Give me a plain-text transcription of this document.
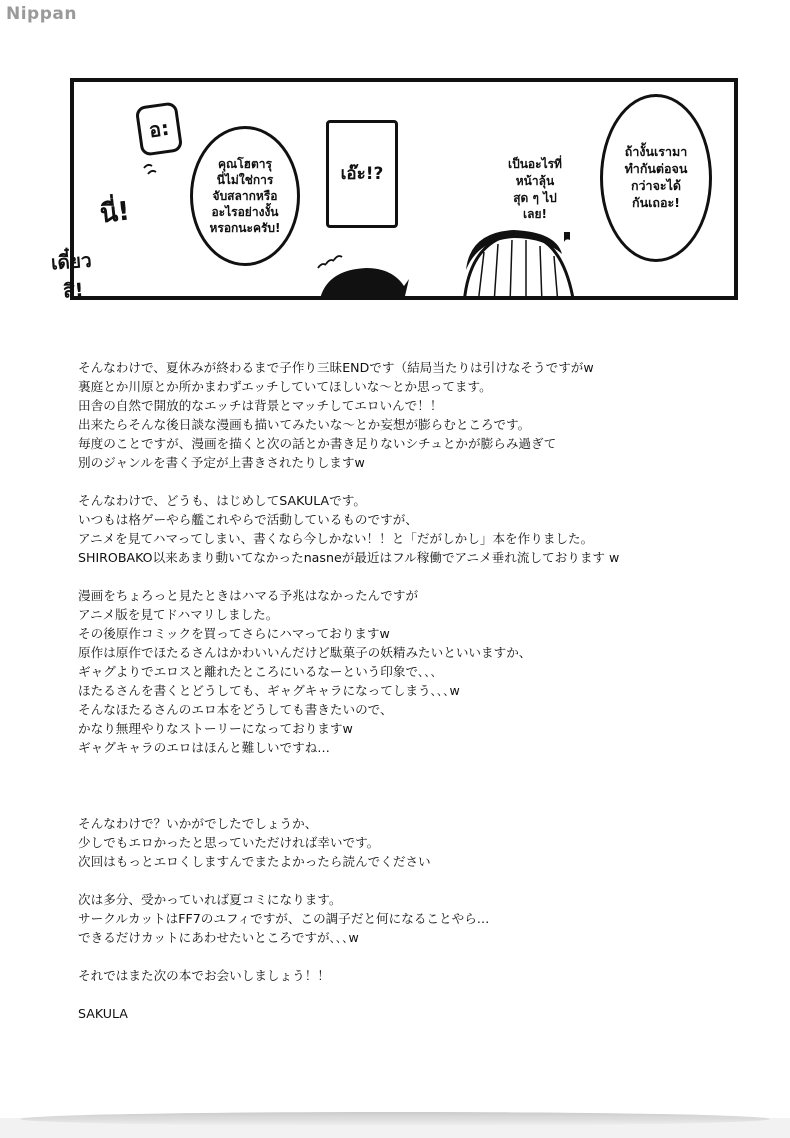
Nippan
อ:
คุณโฮตารุ
นี่ไม่ใช่การ
จับสลากหรือ
อะไรอย่างงั้น
หรอกนะครับ!
เอ๊ะ!?	เป็นอะไรที่
หน้าลุ้น
สุด ๆ ไป
เลย!
ถ้างั้นเรามา
ทำกันต่อจน
กว่าจะได้
กันเถอะ!
นี่!
เดี๋ยว
สิ!
そんなわけで、夏休みが終わるまで子作り三昧ENDです（結局当たりは引けなそうですがw
裏庭とか川原とか所かまわずエッチしていてほしいな～とか思ってます。
田舎の自然で開放的なエッチは背景とマッチしてエロいんで！！
出来たらそんな後日談な漫画も描いてみたいな～とか妄想が膨らむところです。
毎度のことですが、漫画を描くと次の話とか書き足りないシチュとかが膨らみ過ぎて
別のジャンルを書く予定が上書きされたりしますw
そんなわけで、どうも、はじめしてSAKULAです。
いつもは格ゲーやら艦これやらで活動しているものですが、
アニメを見てハマってしまい、書くなら今しかない！！と「だがしかし」本を作りました。
SHIROBAKO以来あまり動いてなかったnasneが最近はフル稼働でアニメ垂れ流しております w
漫画をちょろっと見たときはハマる予兆はなかったんですが
アニメ版を見てドハマリしました。
その後原作コミックを買ってさらにハマっておりますw
原作は原作でほたるさんはかわいいんだけど駄菓子の妖精みたいといいますか、
ギャグよりでエロスと離れたところにいるなーという印象で､､､
ほたるさんを書くとどうしても、ギャグキャラになってしまう､､､w
そんなほたるさんのエロ本をどうしても書きたいので、
かなり無理やりなストーリーになっておりますw
ギャグキャラのエロはほんと難しいですね…
そんなわけで？いかがでしたでしょうか、
少しでもエロかったと思っていただければ幸いです。
次回はもっとエロくしますんでまたよかったら読んでください
次は多分、受かっていれば夏コミになります。
サークルカットはFF7のユフィですが、この調子だと何になることやら…
できるだけカットにあわせたいところですが､､､w
それではまた次の本でお会いしましょう！！
SAKULA
